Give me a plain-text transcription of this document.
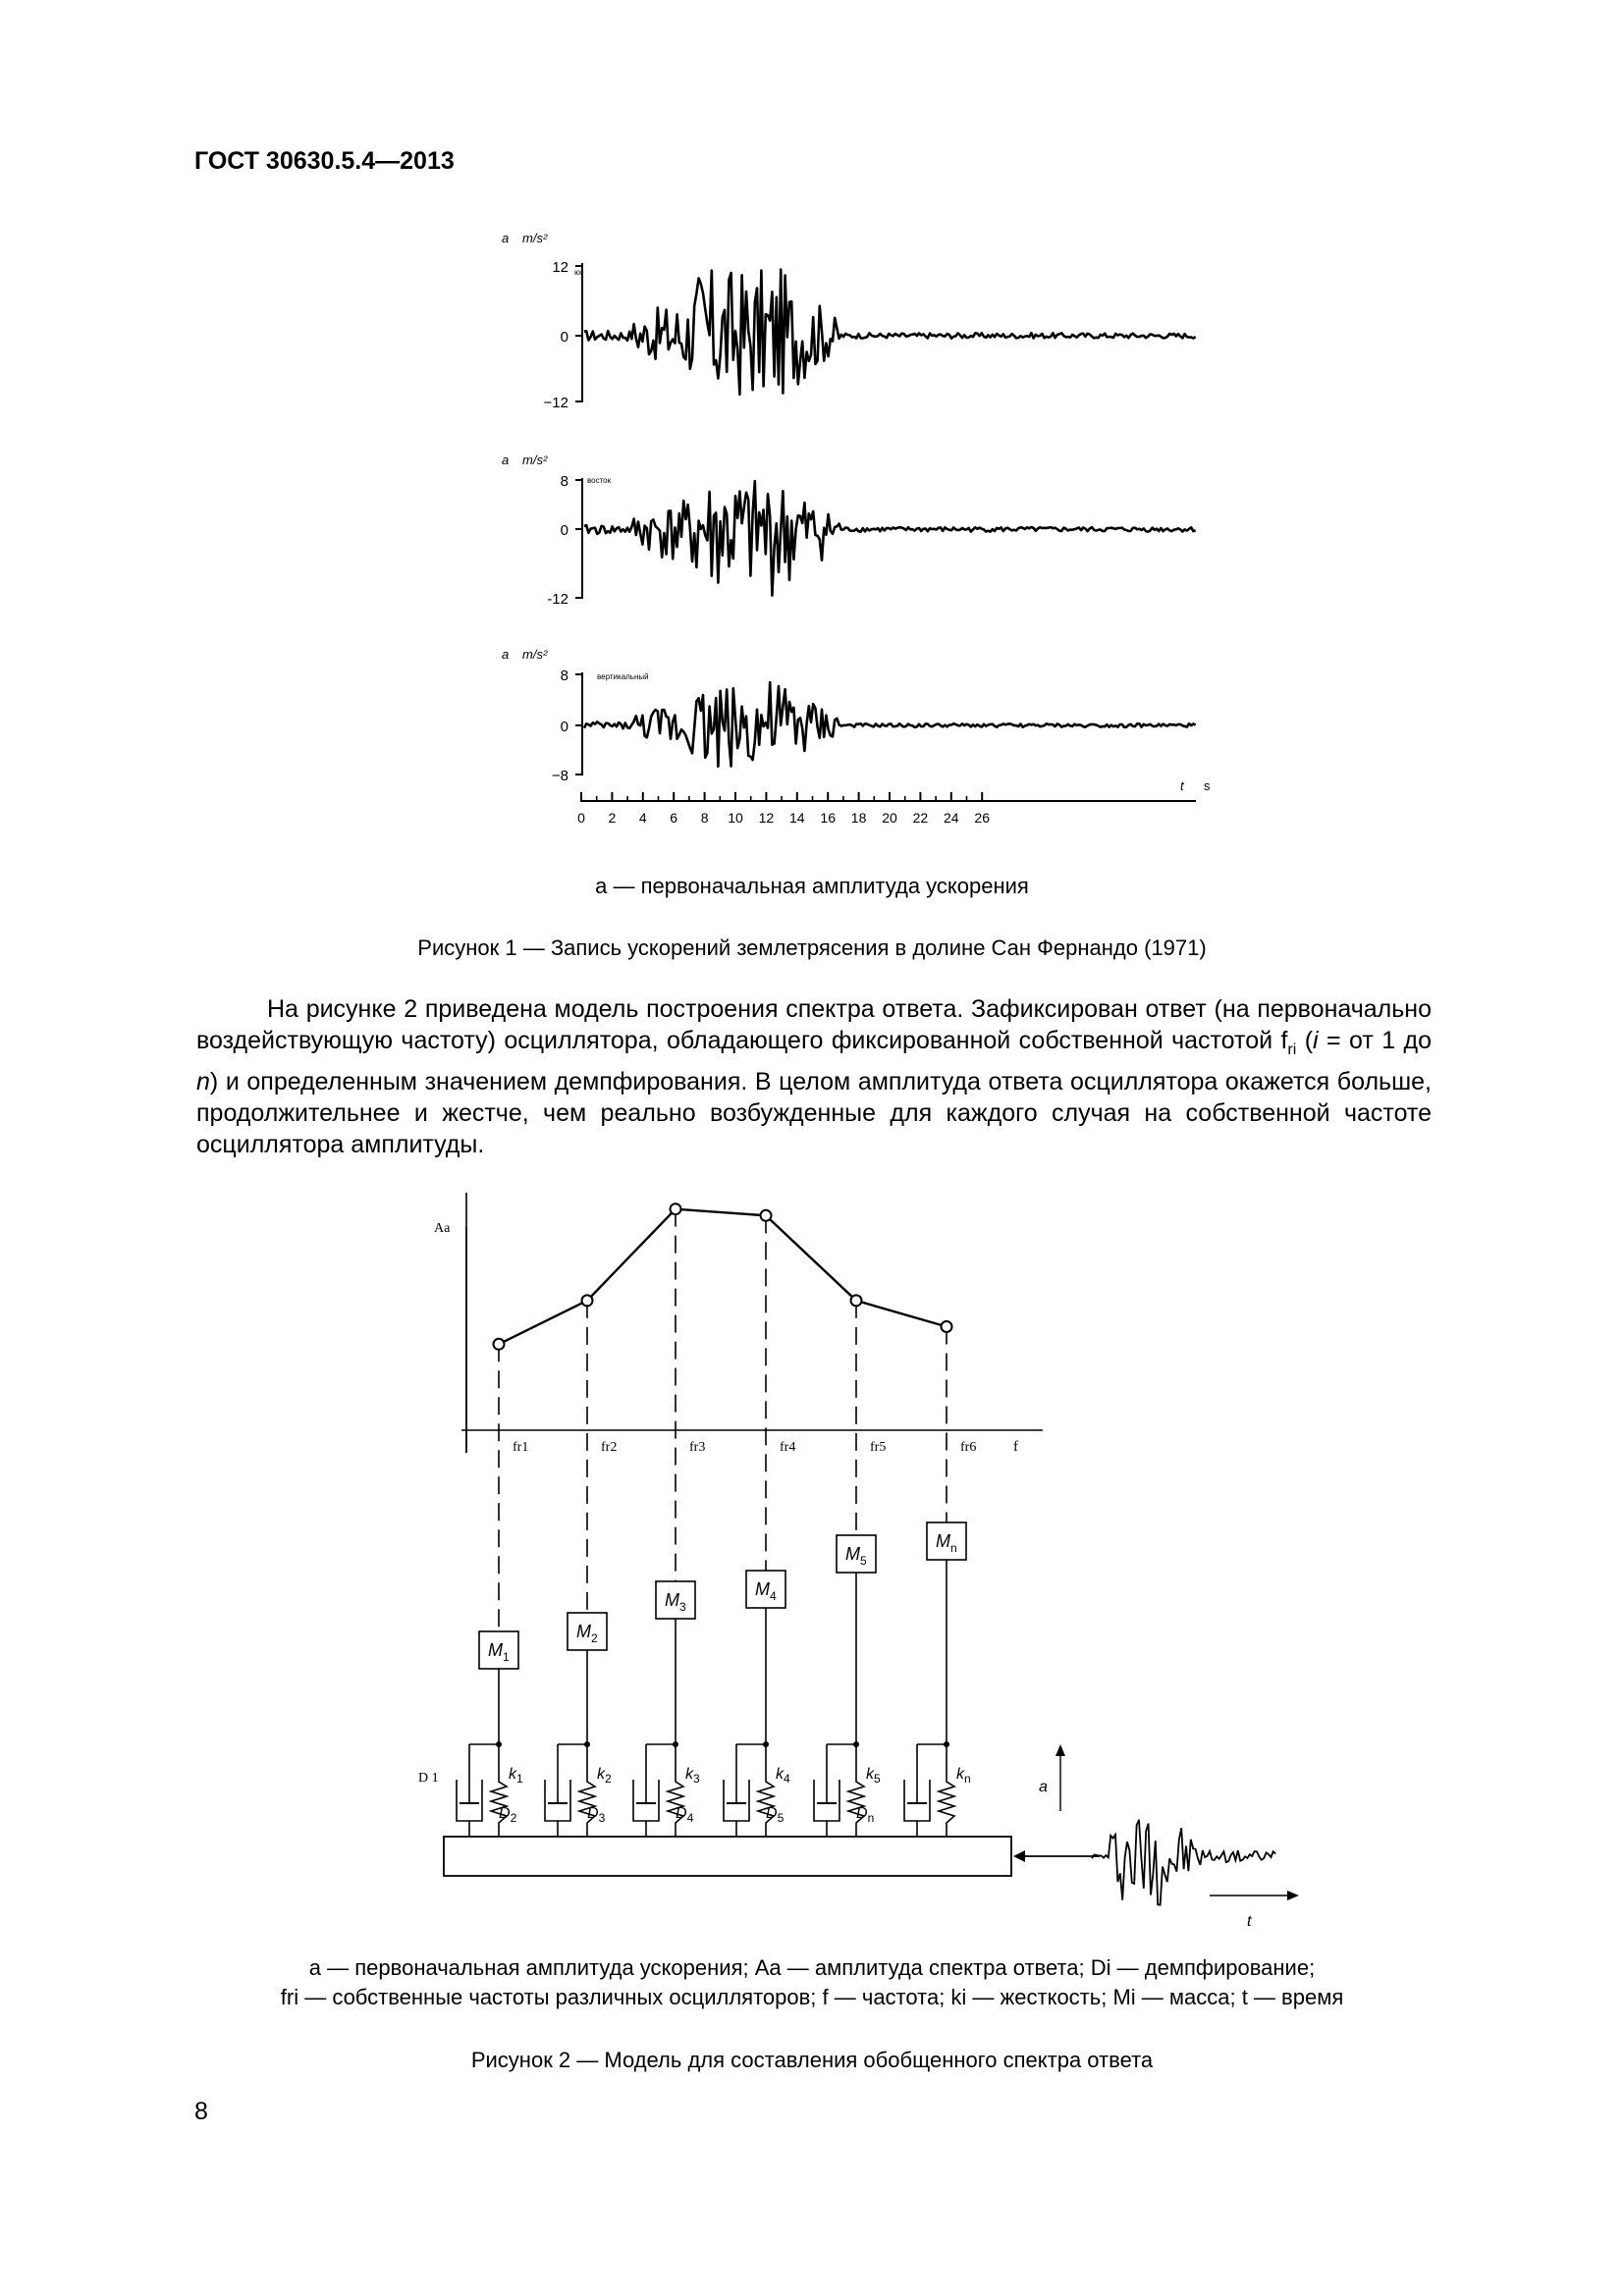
ГОСТ 30630.5.4—2013
a m/s²
юг
12
0
−12
a m/s²
восток
8
0
-12
a m/s²
вертикальный
8
0
−8
0 2 4 6 8 10 12 14 16 18 20 22 24 26
t s
a — первоначальная амплитуда ускорения
Рисунок 1 — Запись ускорений землетрясения в долине Сан Фернандо (1971)
На рисунке 2 приведена модель построения спектра ответа. Зафиксирован ответ (на первоначально воздействующую частоту) осциллятора, обладающего фиксированной собственной частотой $f_{ri}$ (i = от 1 до n) и определенным значением демпфирования. В целом амплитуда ответа осциллятора окажется больше, продолжительнее и жестче, чем реально возбужденные для каждого случая на собственной частоте осциллятора амплитуды.
Aa
f
fr1
$M_1$
$k_1$
fr2
$M_2$
$k_2$
fr3
$M_3$
$k_3$
fr4
$M_4$
$k_4$
fr5
$M_5$
$k_5$
fr6
$M_n$
$k_n$
$D_2$	$D_3$	$D_4$	$D_5$	$D_n$
D 1
a
t
a — первоначальная амплитуда ускорения; Aa — амплитуда спектра ответа; Di — демпфирование;
fri — собственные частоты различных осцилляторов; f — частота; ki — жесткость; Mi — масса; t — время
Рисунок 2 — Модель для составления обобщенного спектра ответа
8
